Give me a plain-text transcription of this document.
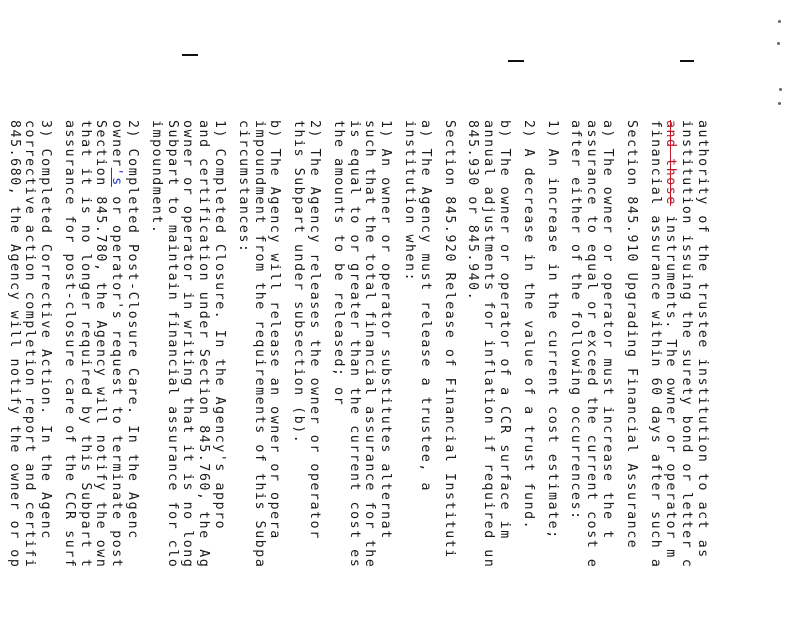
authority of the trustee institution to act as
institution issuing the surety bond or letter c
and those instruments. The owner or operator m
financial assurance within 60 days after such a
Section 845.910 Upgrading Financial Assurance
a) The owner or operator must increase the t
assurance to equal or exceed the current cost e
after either of the following occurrences:
1) An increase in the current cost estimate;
2) A decrease in the value of a trust fund.
b) The owner or operator of a CCR surface im
annual adjustments for inflation if required un
845.930 or 845.940.
Section 845.920 Release of Financial Instituti
a) The Agency must release a trustee, a
institution when:
1) An owner or operator substitutes alternat
such that the total financial assurance for the
is equal to or greater than the current cost es
the amounts to be released; or
2) The Agency releases the owner or operator
this Subpart under subsection (b).
b) The Agency will release an owner or opera
impoundment from the requirements of this Subpa
circumstances:
1) Completed Closure. In the Agency's appro
and certification under Section 845.760, the Ag
owner or operator in writing that it is no long
Subpart to maintain financial assurance for clo
impoundment.
2) Completed Post-Closure Care. In the Agenc
owner's or operator's request to terminate post
Section 845.780, the Agency will notify the own
that it is no longer required by this Subpart t
assurance for post-closure care of the CCR surf
3) Completed Corrective Action. In the Agenc
corrective action completion report and certifi
845.680, the Agency will notify the owner or op
